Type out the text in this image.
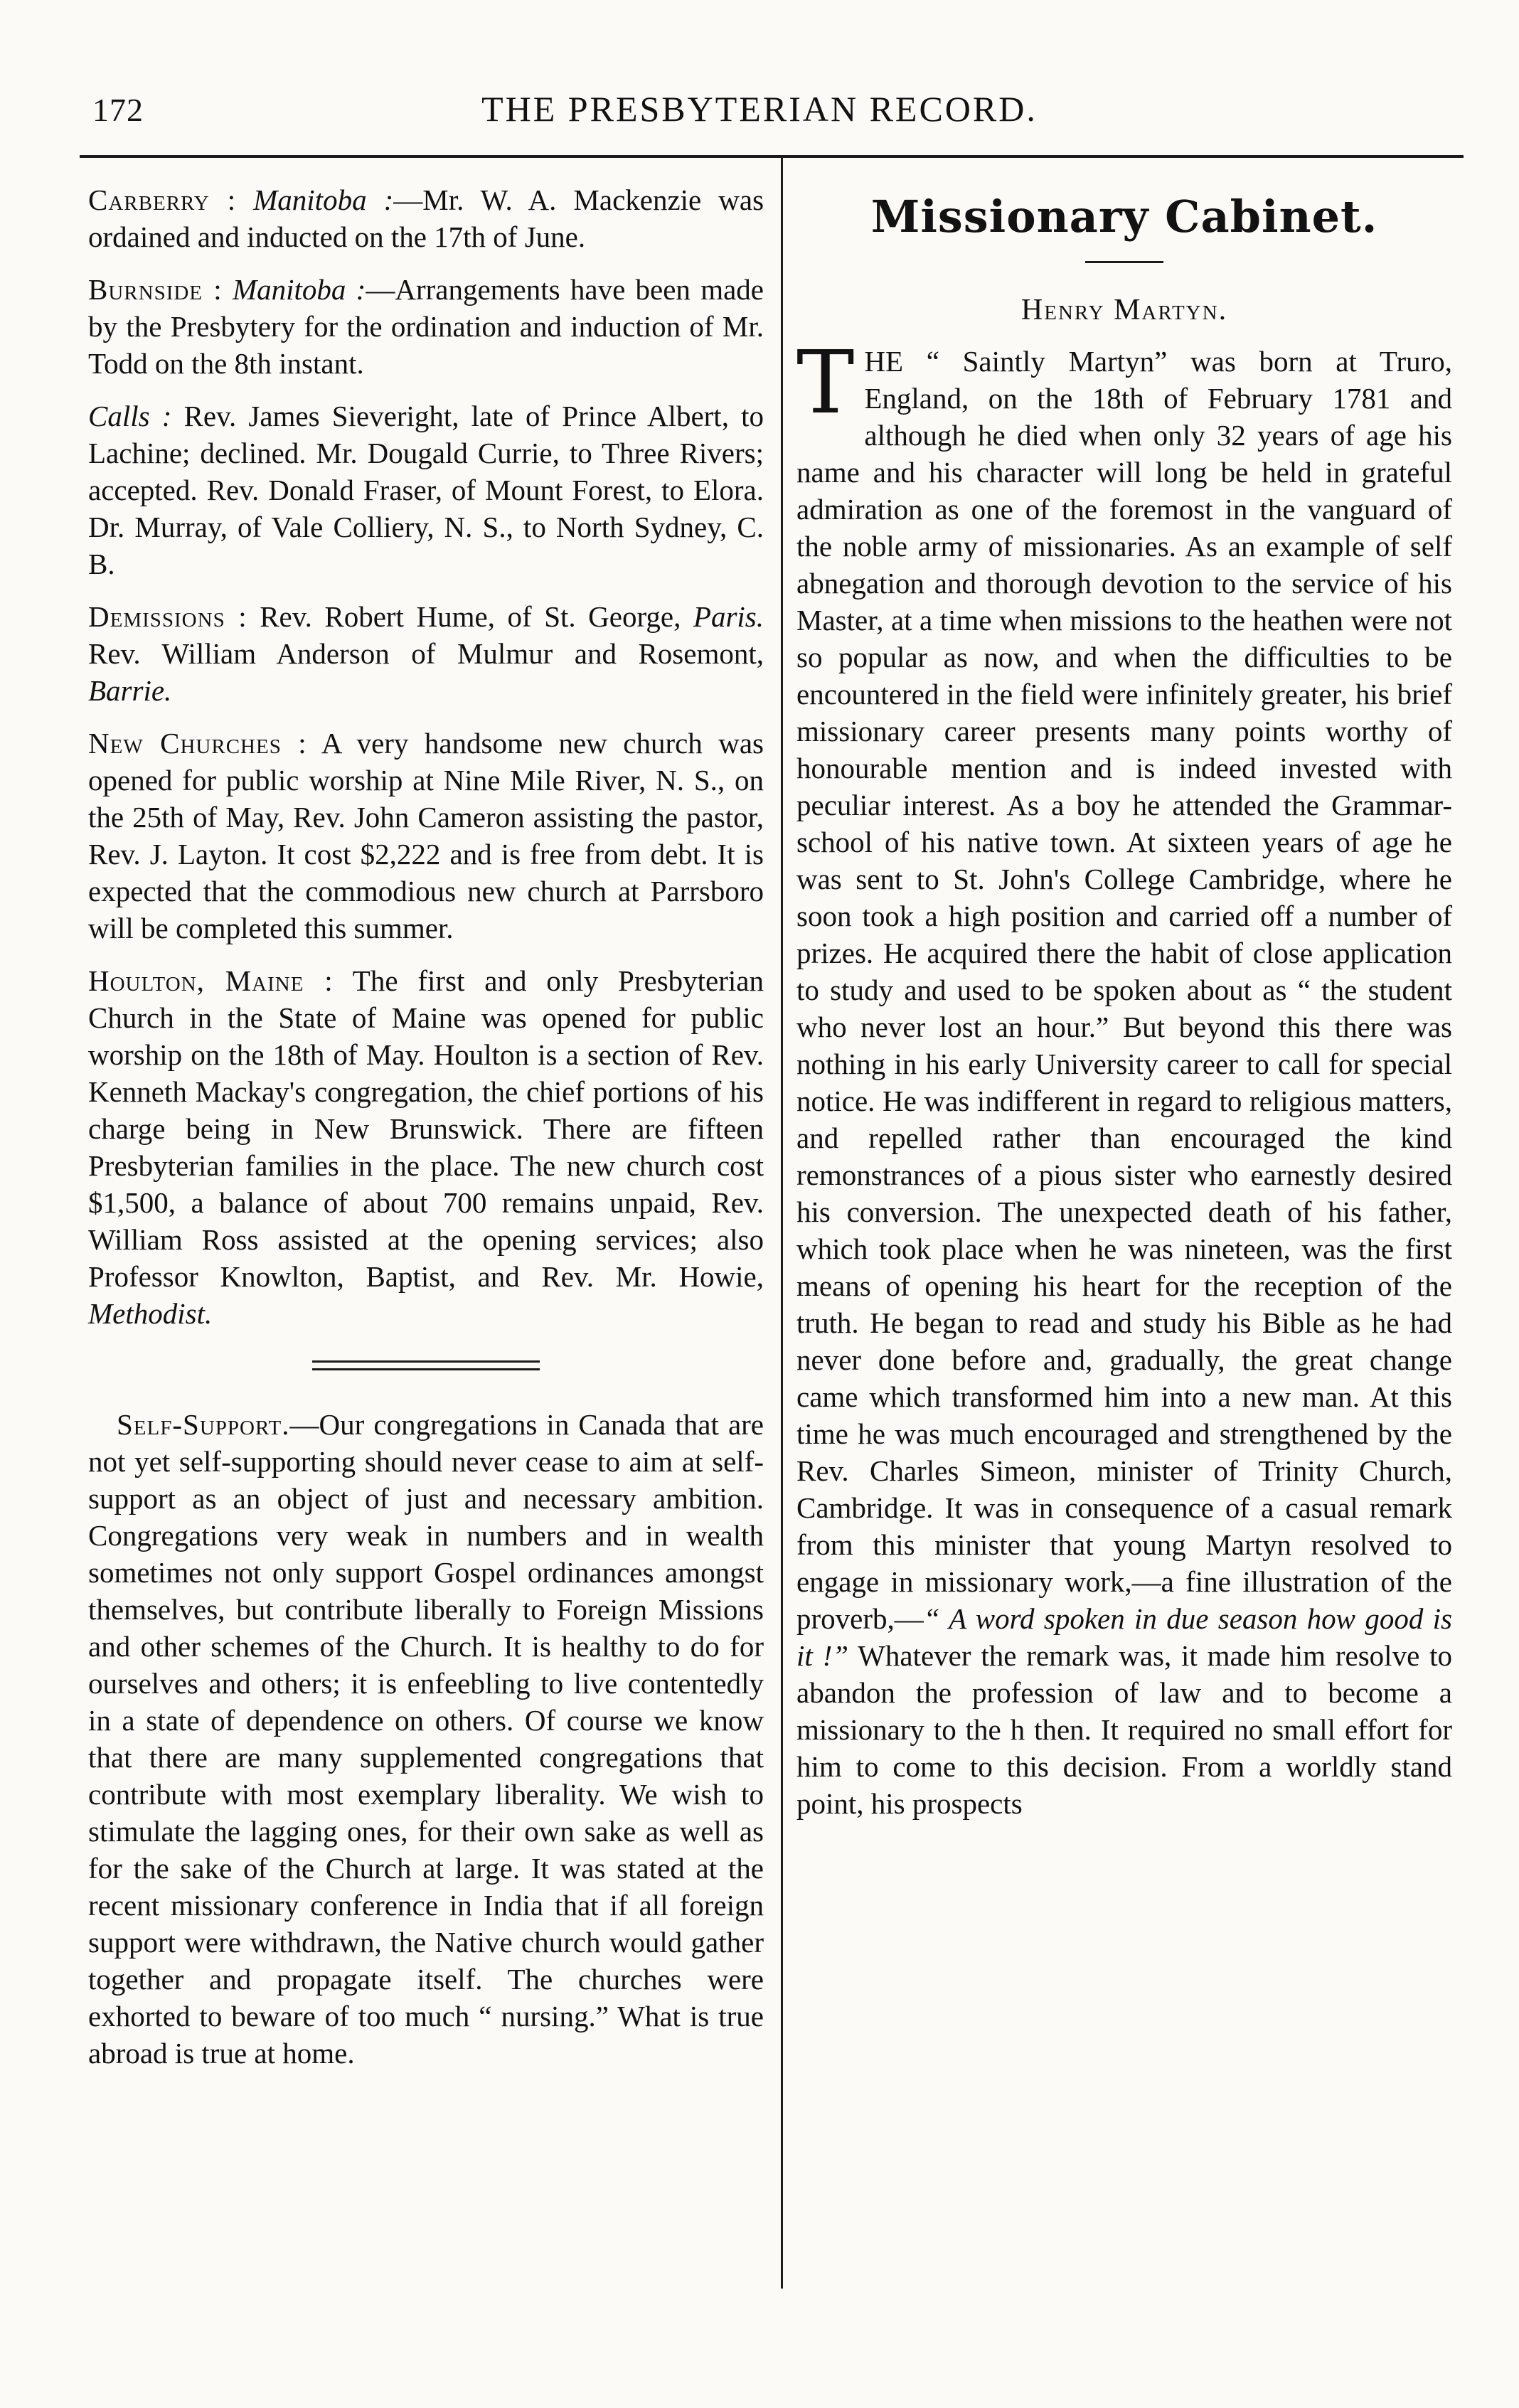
172	THE PRESBYTERIAN RECORD.

Carberry : Manitoba :—Mr. W. A. Mackenzie was ordained and inducted on the 17th of June.

Burnside : Manitoba :—Arrangements have been made by the Presbytery for the ordination and induction of Mr. Todd on the 8th instant.

Calls : Rev. James Sieveright, late of Prince Albert, to Lachine; declined. Mr. Dougald Currie, to Three Rivers; accepted. Rev. Donald Fraser, of Mount Forest, to Elora. Dr. Murray, of Vale Colliery, N. S., to North Sydney, C. B.

Demissions : Rev. Robert Hume, of St. George, Paris. Rev. William Anderson of Mulmur and Rosemont, Barrie.

New Churches : A very handsome new church was opened for public worship at Nine Mile River, N. S., on the 25th of May, Rev. John Cameron assisting the pastor, Rev. J. Layton. It cost $2,222 and is free from debt. It is expected that the commodious new church at Parrsboro will be completed this summer.

Houlton, Maine : The first and only Presbyterian Church in the State of Maine was opened for public worship on the 18th of May. Houlton is a section of Rev. Kenneth Mackay's congregation, the chief portions of his charge being in New Brunswick. There are fifteen Presbyterian families in the place. The new church cost $1,500, a balance of about 700 remains unpaid, Rev. William Ross assisted at the opening services; also Professor Knowlton, Baptist, and Rev. Mr. Howie, Methodist.

Self-Support.—Our congregations in Canada that are not yet self-supporting should never cease to aim at self-support as an object of just and necessary ambition. Congregations very weak in numbers and in wealth sometimes not only support Gospel ordinances amongst themselves, but contribute liberally to Foreign Missions and other schemes of the Church. It is healthy to do for ourselves and others; it is enfeebling to live contentedly in a state of dependence on others. Of course we know that there are many supplemented congregations that contribute with most exemplary liberality. We wish to stimulate the lagging ones, for their own sake as well as for the sake of the Church at large. It was stated at the recent missionary conference in India that if all foreign support were withdrawn, the Native church would gather together and propagate itself. The churches were exhorted to beware of too much “ nursing.” What is true abroad is true at home.

Missionary Cabinet.
Henry Martyn.

THE “ Saintly Martyn” was born at Truro, England, on the 18th of February 1781 and although he died when only 32 years of age his name and his character will long be held in grateful admiration as one of the foremost in the vanguard of the noble army of missionaries. As an example of self abnegation and thorough devotion to the service of his Master, at a time when missions to the heathen were not so popular as now, and when the difficulties to be encountered in the field were infinitely greater, his brief missionary career presents many points worthy of honourable mention and is indeed invested with peculiar interest. As a boy he attended the Grammar-school of his native town. At sixteen years of age he was sent to St. John's College Cambridge, where he soon took a high position and carried off a number of prizes. He acquired there the habit of close application to study and used to be spoken about as “ the student who never lost an hour.” But beyond this there was nothing in his early University career to call for special notice. He was indifferent in regard to religious matters, and repelled rather than encouraged the kind remonstrances of a pious sister who earnestly desired his conversion. The unexpected death of his father, which took place when he was nineteen, was the first means of opening his heart for the reception of the truth. He began to read and study his Bible as he had never done before and, gradually, the great change came which transformed him into a new man. At this time he was much encouraged and strengthened by the Rev. Charles Simeon, minister of Trinity Church, Cambridge. It was in consequence of a casual remark from this minister that young Martyn resolved to engage in missionary work,—a fine illustration of the proverb,—“ A word spoken in due season how good is it !” Whatever the remark was, it made him resolve to abandon the profession of law and to become a missionary to the h then. It required no small effort for him to come to this decision. From a worldly stand point, his prospects
